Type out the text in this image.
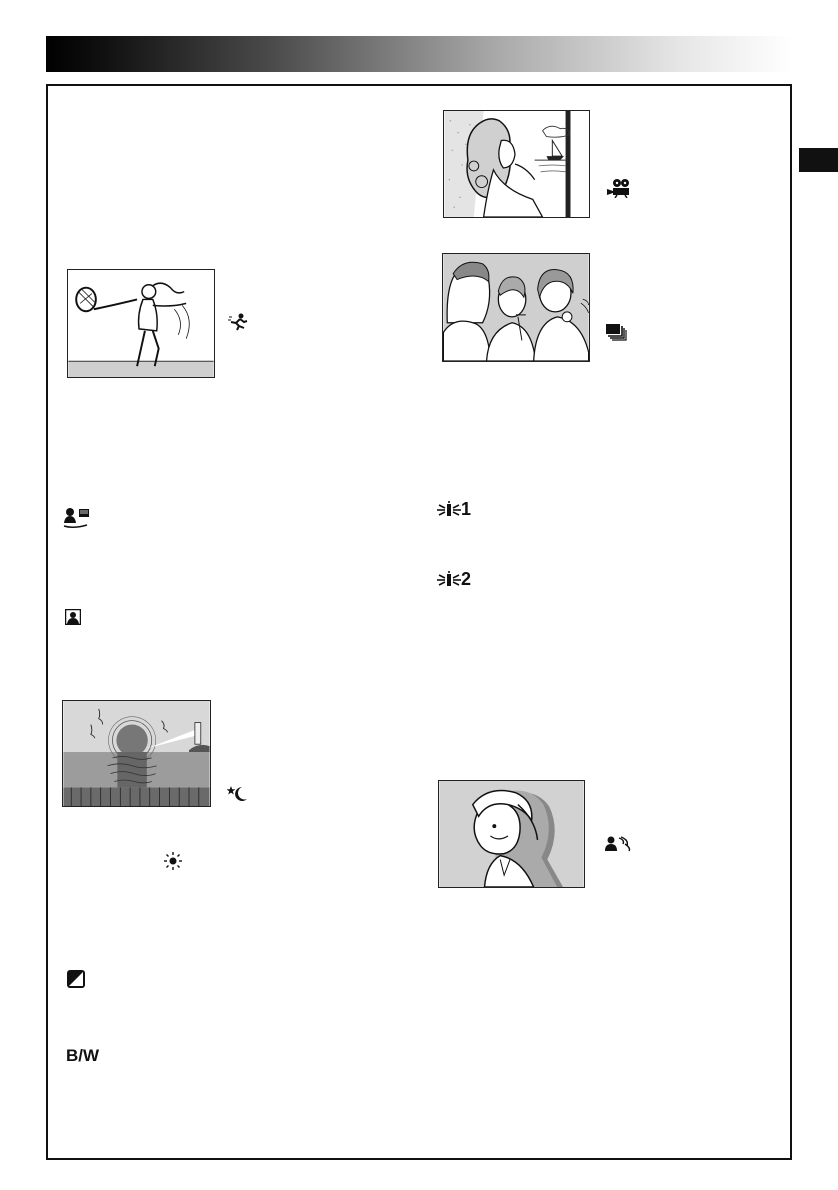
B/W
1
2
